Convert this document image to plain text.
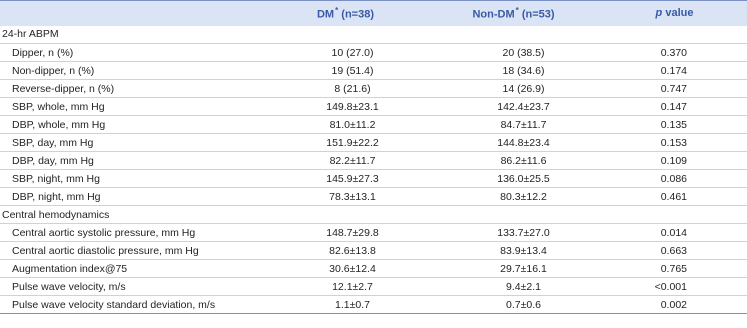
	DM* (n=38)	Non-DM* (n=53)	p value
24-hr ABPM			
Dipper, n (%)	10 (27.0)	20 (38.5)	0.370
Non-dipper, n (%)	19 (51.4)	18 (34.6)	0.174
Reverse-dipper, n (%)	8 (21.6)	14 (26.9)	0.747
SBP, whole, mm Hg	149.8±23.1	142.4±23.7	0.147
DBP, whole, mm Hg	81.0±11.2	84.7±11.7	0.135
SBP, day, mm Hg	151.9±22.2	144.8±23.4	0.153
DBP, day, mm Hg	82.2±11.7	86.2±11.6	0.109
SBP, night, mm Hg	145.9±27.3	136.0±25.5	0.086
DBP, night, mm Hg	78.3±13.1	80.3±12.2	0.461
Central hemodynamics			
Central aortic systolic pressure, mm Hg	148.7±29.8	133.7±27.0	0.014
Central aortic diastolic pressure, mm Hg	82.6±13.8	83.9±13.4	0.663
Augmentation index@75	30.6±12.4	29.7±16.1	0.765
Pulse wave velocity, m/s	12.1±2.7	9.4±2.1	<0.001
Pulse wave velocity standard deviation, m/s	1.1±0.7	0.7±0.6	0.002
